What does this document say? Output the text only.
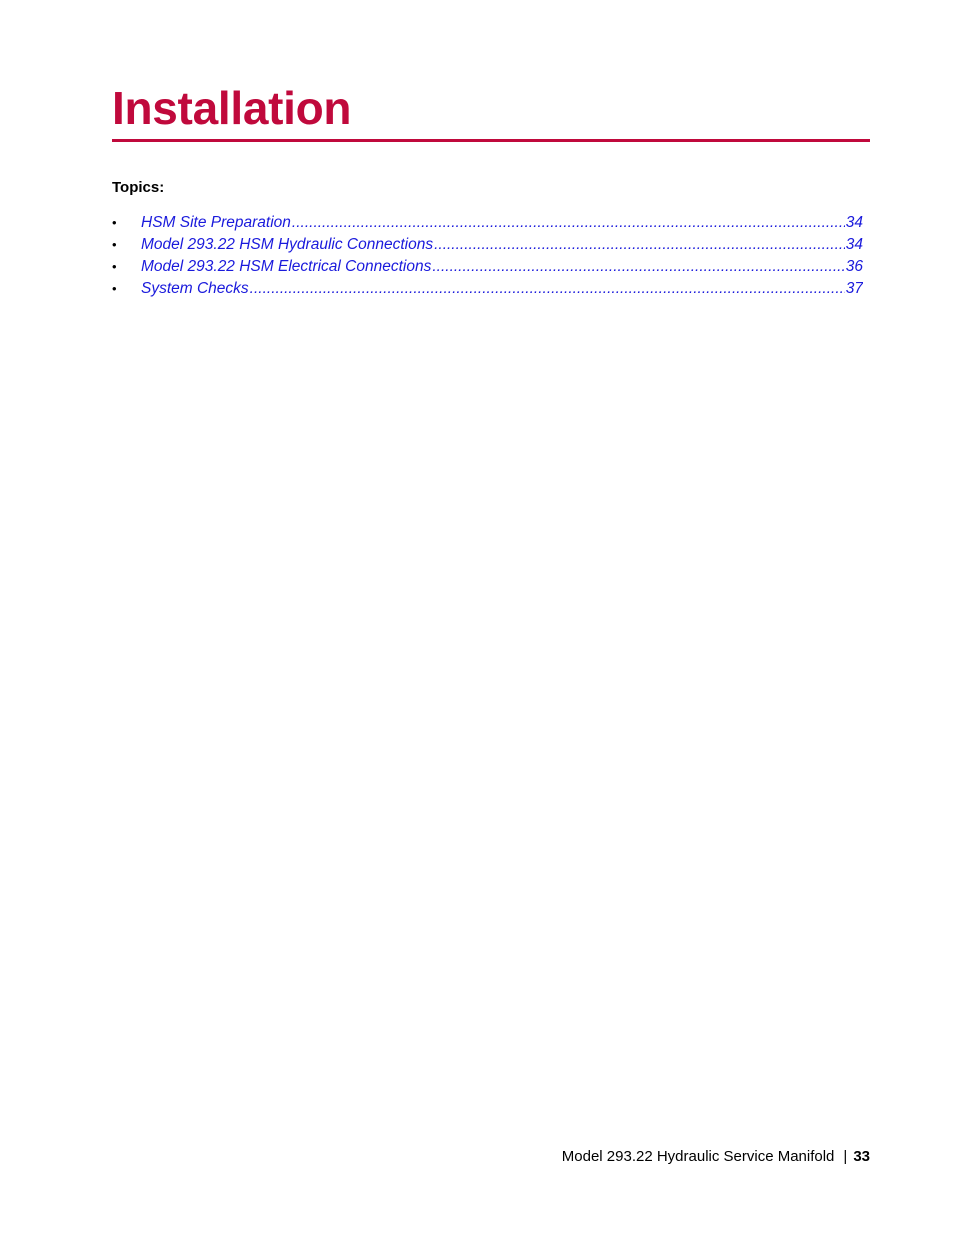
Installation
Topics:
•	HSM Site Preparation .....	34
•	Model 293.22 HSM Hydraulic Connections .....	34
•	Model 293.22 HSM Electrical Connections .....	36
•	System Checks .....	37
Model 293.22 Hydraulic Service Manifold | 33
